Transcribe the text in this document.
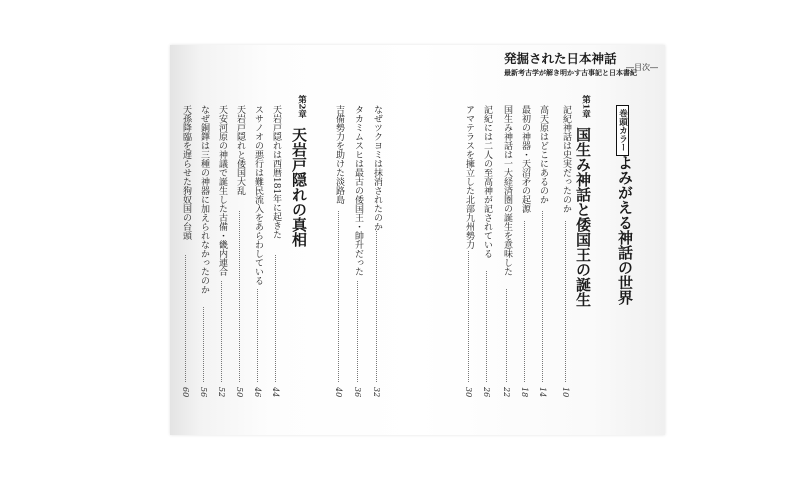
発掘された日本神話
最新考古学が解き明かす古事記と日本書紀
―目次―
巻頭カラー
よみがえる神話の世界
第1章
国生み神話と倭国王の誕生
第2章
天岩戸隠れの真相	記紀神話は史実だったのか
10
高天原はどこにあるのか
14
最初の神器・天沼矛の起源
18
国生み神話は一大経済圏の誕生を意味した
22
記紀には二人の至高神が記されている
26
アマテラスを擁立した北部九州勢力
30
なぜツクヨミは抹消されたのか
32
タカミムスヒは最古の倭国王・帥升だった
36
吉備勢力を助けた淡路島
40
天岩戸隠れは西暦181年に起きた
44
スサノオの悪行は難民流入をあらわしている
46
天岩戸隠れと倭国大乱
50
天安河原の神議で誕生した古備・畿内連合
52
なぜ銅鐸は三種の神器に加えられなかったのか
56
天孫降臨を遅らせた狗奴国の台頭
60
